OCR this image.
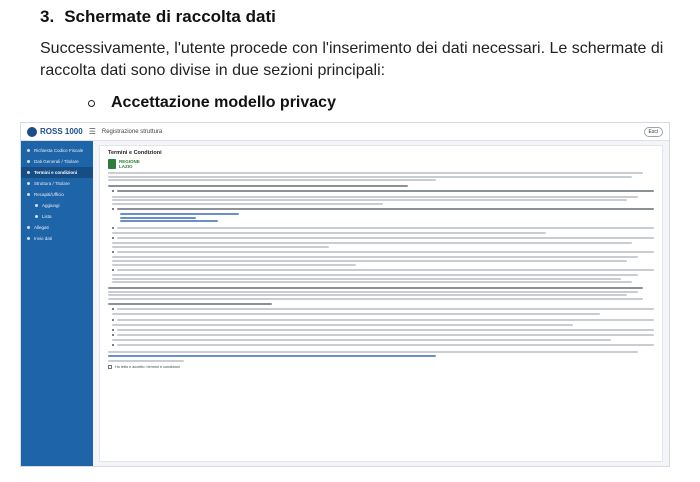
3. Schermate di raccolta dati

Successivamente, l'utente procede con l'inserimento dei dati necessari. Le schermate di raccolta dati sono divise in due sezioni principali:

Accettazione modello privacy
ROSS 1000 ☰ Registrazione struttura	Esci
Richiesta Codice Fiscale
Dati Generali / Titolare
Termini e condizioni
Struttura / Titolare
Recapiti/Ufficio
Aggiungi
Lista
Allegati
Invio dati
Termini e Condizioni
REGIONE LAZIO
Ho letto e accetto i termini e condizioni
